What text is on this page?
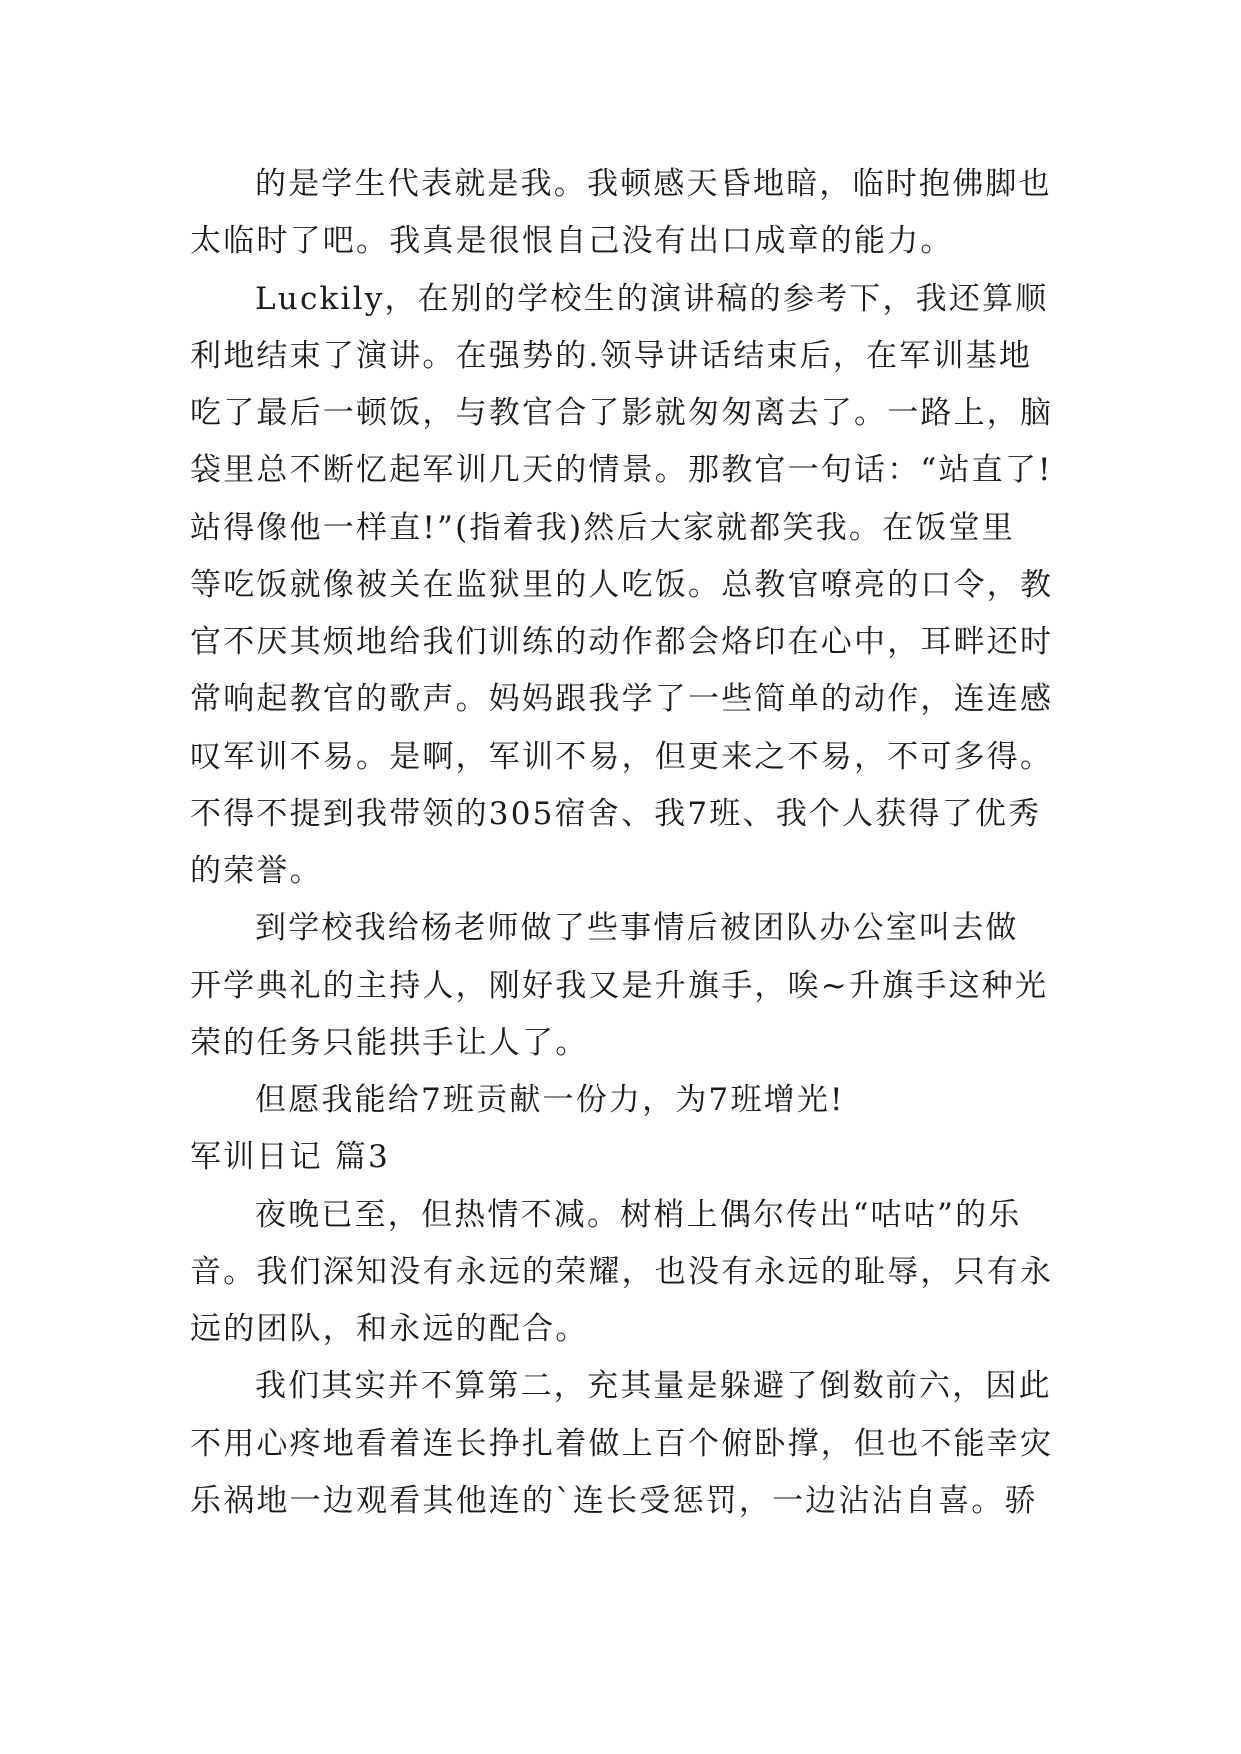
的是学生代表就是我。我顿感天昏地暗，临时抱佛脚也
太临时了吧。我真是很恨自己没有出口成章的能力。
Luckily，在别的学校生的演讲稿的参考下，我还算顺
利地结束了演讲。在强势的.领导讲话结束后，在军训基地
吃了最后一顿饭，与教官合了影就匆匆离去了。一路上，脑
袋里总不断忆起军训几天的情景。那教官一句话：“站直了!
站得像他一样直!”(指着我)然后大家就都笑我。在饭堂里
等吃饭就像被关在监狱里的人吃饭。总教官嘹亮的口令，教
官不厌其烦地给我们训练的动作都会烙印在心中，耳畔还时
常响起教官的歌声。妈妈跟我学了一些简单的动作，连连感
叹军训不易。是啊，军训不易，但更来之不易，不可多得。
不得不提到我带领的305宿舍、我7班、我个人获得了优秀
的荣誉。
到学校我给杨老师做了些事情后被团队办公室叫去做
开学典礼的主持人，刚好我又是升旗手，唉~升旗手这种光
荣的任务只能拱手让人了。
但愿我能给7班贡献一份力，为7班增光!
军训日记 篇3
夜晚已至，但热情不减。树梢上偶尔传出“咕咕”的乐
音。我们深知没有永远的荣耀，也没有永远的耻辱，只有永
远的团队，和永远的配合。
我们其实并不算第二，充其量是躲避了倒数前六，因此
不用心疼地看着连长挣扎着做上百个俯卧撑，但也不能幸灾
乐祸地一边观看其他连的`连长受惩罚，一边沾沾自喜。骄
